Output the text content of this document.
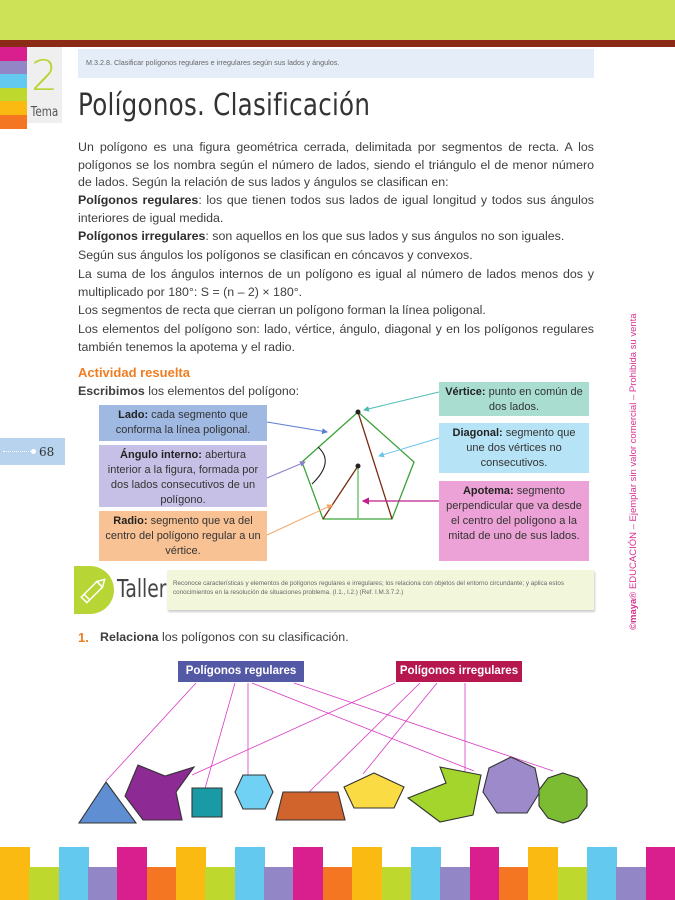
2
Tema
M.3.2.8. Clasificar polígonos regulares e irregulares según sus lados y ángulos.
Polígonos. Clasificación
Un polígono es una figura geométrica cerrada, delimitada por segmentos de recta. A los polígonos se los nombra según el número de lados, siendo el triángulo el de menor número de lados. Según la relación de sus lados y ángulos se clasifican en:
Polígonos regulares: los que tienen todos sus lados de igual longitud y todos sus ángulos interiores de igual medida.
Polígonos irregulares: son aquellos en los que sus lados y sus ángulos no son iguales.
Según sus ángulos los polígonos se clasifican en cóncavos y convexos.
La suma de los ángulos internos de un polígono es igual al número de lados menos dos y multiplicado por 180°: S = (n – 2) × 180°.
Los segmentos de recta que cierran un polígono forman la línea poligonal.
Los elementos del polígono son: lado, vértice, ángulo, diagonal y en los polígonos regulares también tenemos la apotema y el radio.
Actividad resuelta
Escribimos los elementos del polígono:
Lado: cada segmento que conforma la línea poligonal.
Ángulo interno: abertura interior a la figura, formada por dos lados consecutivos de un polígono.
Radio: segmento que va del centro del polígono regular a un vértice.
Vértice: punto en común de dos lados.
Diagonal: segmento que une dos vértices no consecutivos.
Apotema: segmento perpendicular que va desde el centro del polígono a la mitad de uno de sus lados.
68
©maya® EDUCACIÓN – Ejemplar sin valor comercial – Prohibida su venta
Taller Reconoce características y elementos de polígonos regulares e irregulares; los relaciona con objetos del entorno circundante; y aplica estos conocimientos en la resolución de situaciones problema. (I.1., I.2.) (Ref. I.M.3.7.2.)
1. Relaciona los polígonos con su clasificación.
Polígonos regulares	Polígonos irregulares
